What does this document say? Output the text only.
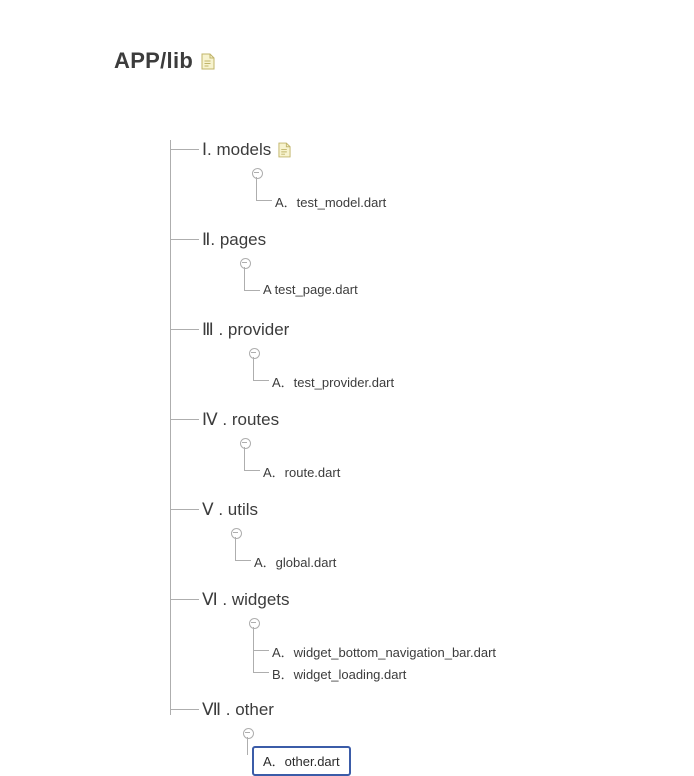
APP/lib
Ⅰ. models
A．test_model.dart
Ⅱ. pages
A test_page.dart
Ⅲ . provider
A．test_provider.dart
Ⅳ . routes
A．route.dart
Ⅴ . utils
A．global.dart
Ⅵ . widgets
A．widget_bottom_navigation_bar.dart
B．widget_loading.dart
Ⅶ . other
A．other.dart
